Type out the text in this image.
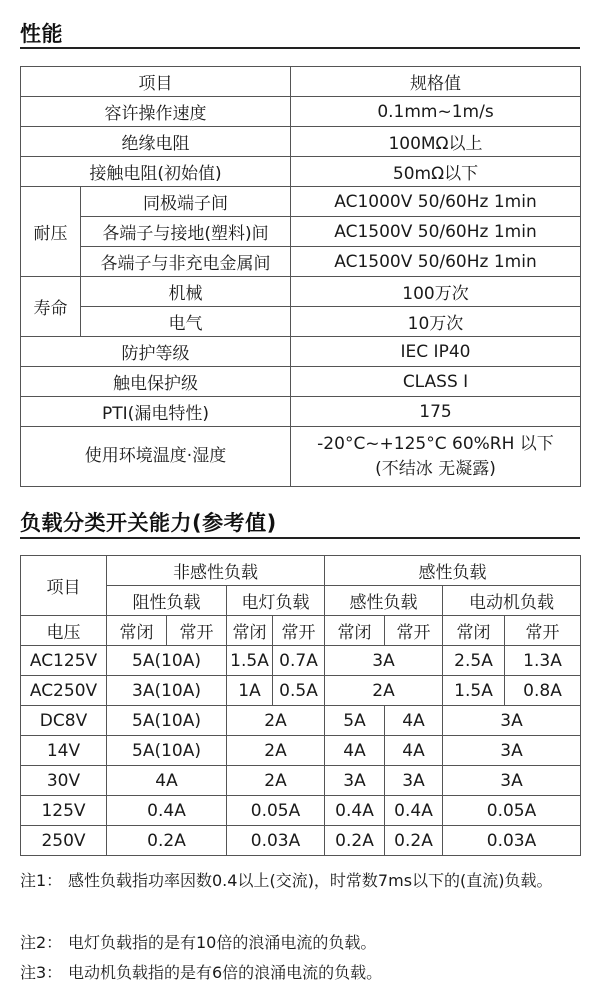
性能
项目		规格值
容许操作速度		0.1mm~1m/s
绝缘电阻		100MΩ以上
接触电阻(初始值)		50mΩ以下
耐压	同极端子间	AC1000V 50/60Hz 1min
	各端子与接地(塑料)间	AC1500V 50/60Hz 1min
	各端子与非充电金属间	AC1500V 50/60Hz 1min
寿命	机械	100万次
	电气	10万次
防护等级		IEC IP40
触电保护级		CLASS I
PTI(漏电特性)		175
使用环境温度·湿度		-20°C~+125°C 60%RH 以下
(不结冰 无凝露)
负载分类开关能力(参考值)
项目	非感性负载				感性负载			
	阻性负载		电灯负载		感性负载		电动机负载	
电压	常闭	常开	常闭	常开	常闭	常开	常闭	常开
AC125V	5A(10A)		1.5A	0.7A	3A		2.5A	1.3A
AC250V	3A(10A)		1A	0.5A	2A		1.5A	0.8A
DC8V	5A(10A)		2A		5A	4A	3A	
14V	5A(10A)		2A		4A	4A	3A	
30V	4A		2A		3A	3A	3A	
125V	0.4A		0.05A		0.4A	0.4A	0.05A	
250V	0.2A		0.03A		0.2A	0.2A	0.03A	
注1： 感性负载指功率因数0.4以上(交流)，时常数7ms以下的(直流)负载。
注2： 电灯负载指的是有10倍的浪涌电流的负载。
注3： 电动机负载指的是有6倍的浪涌电流的负载。
